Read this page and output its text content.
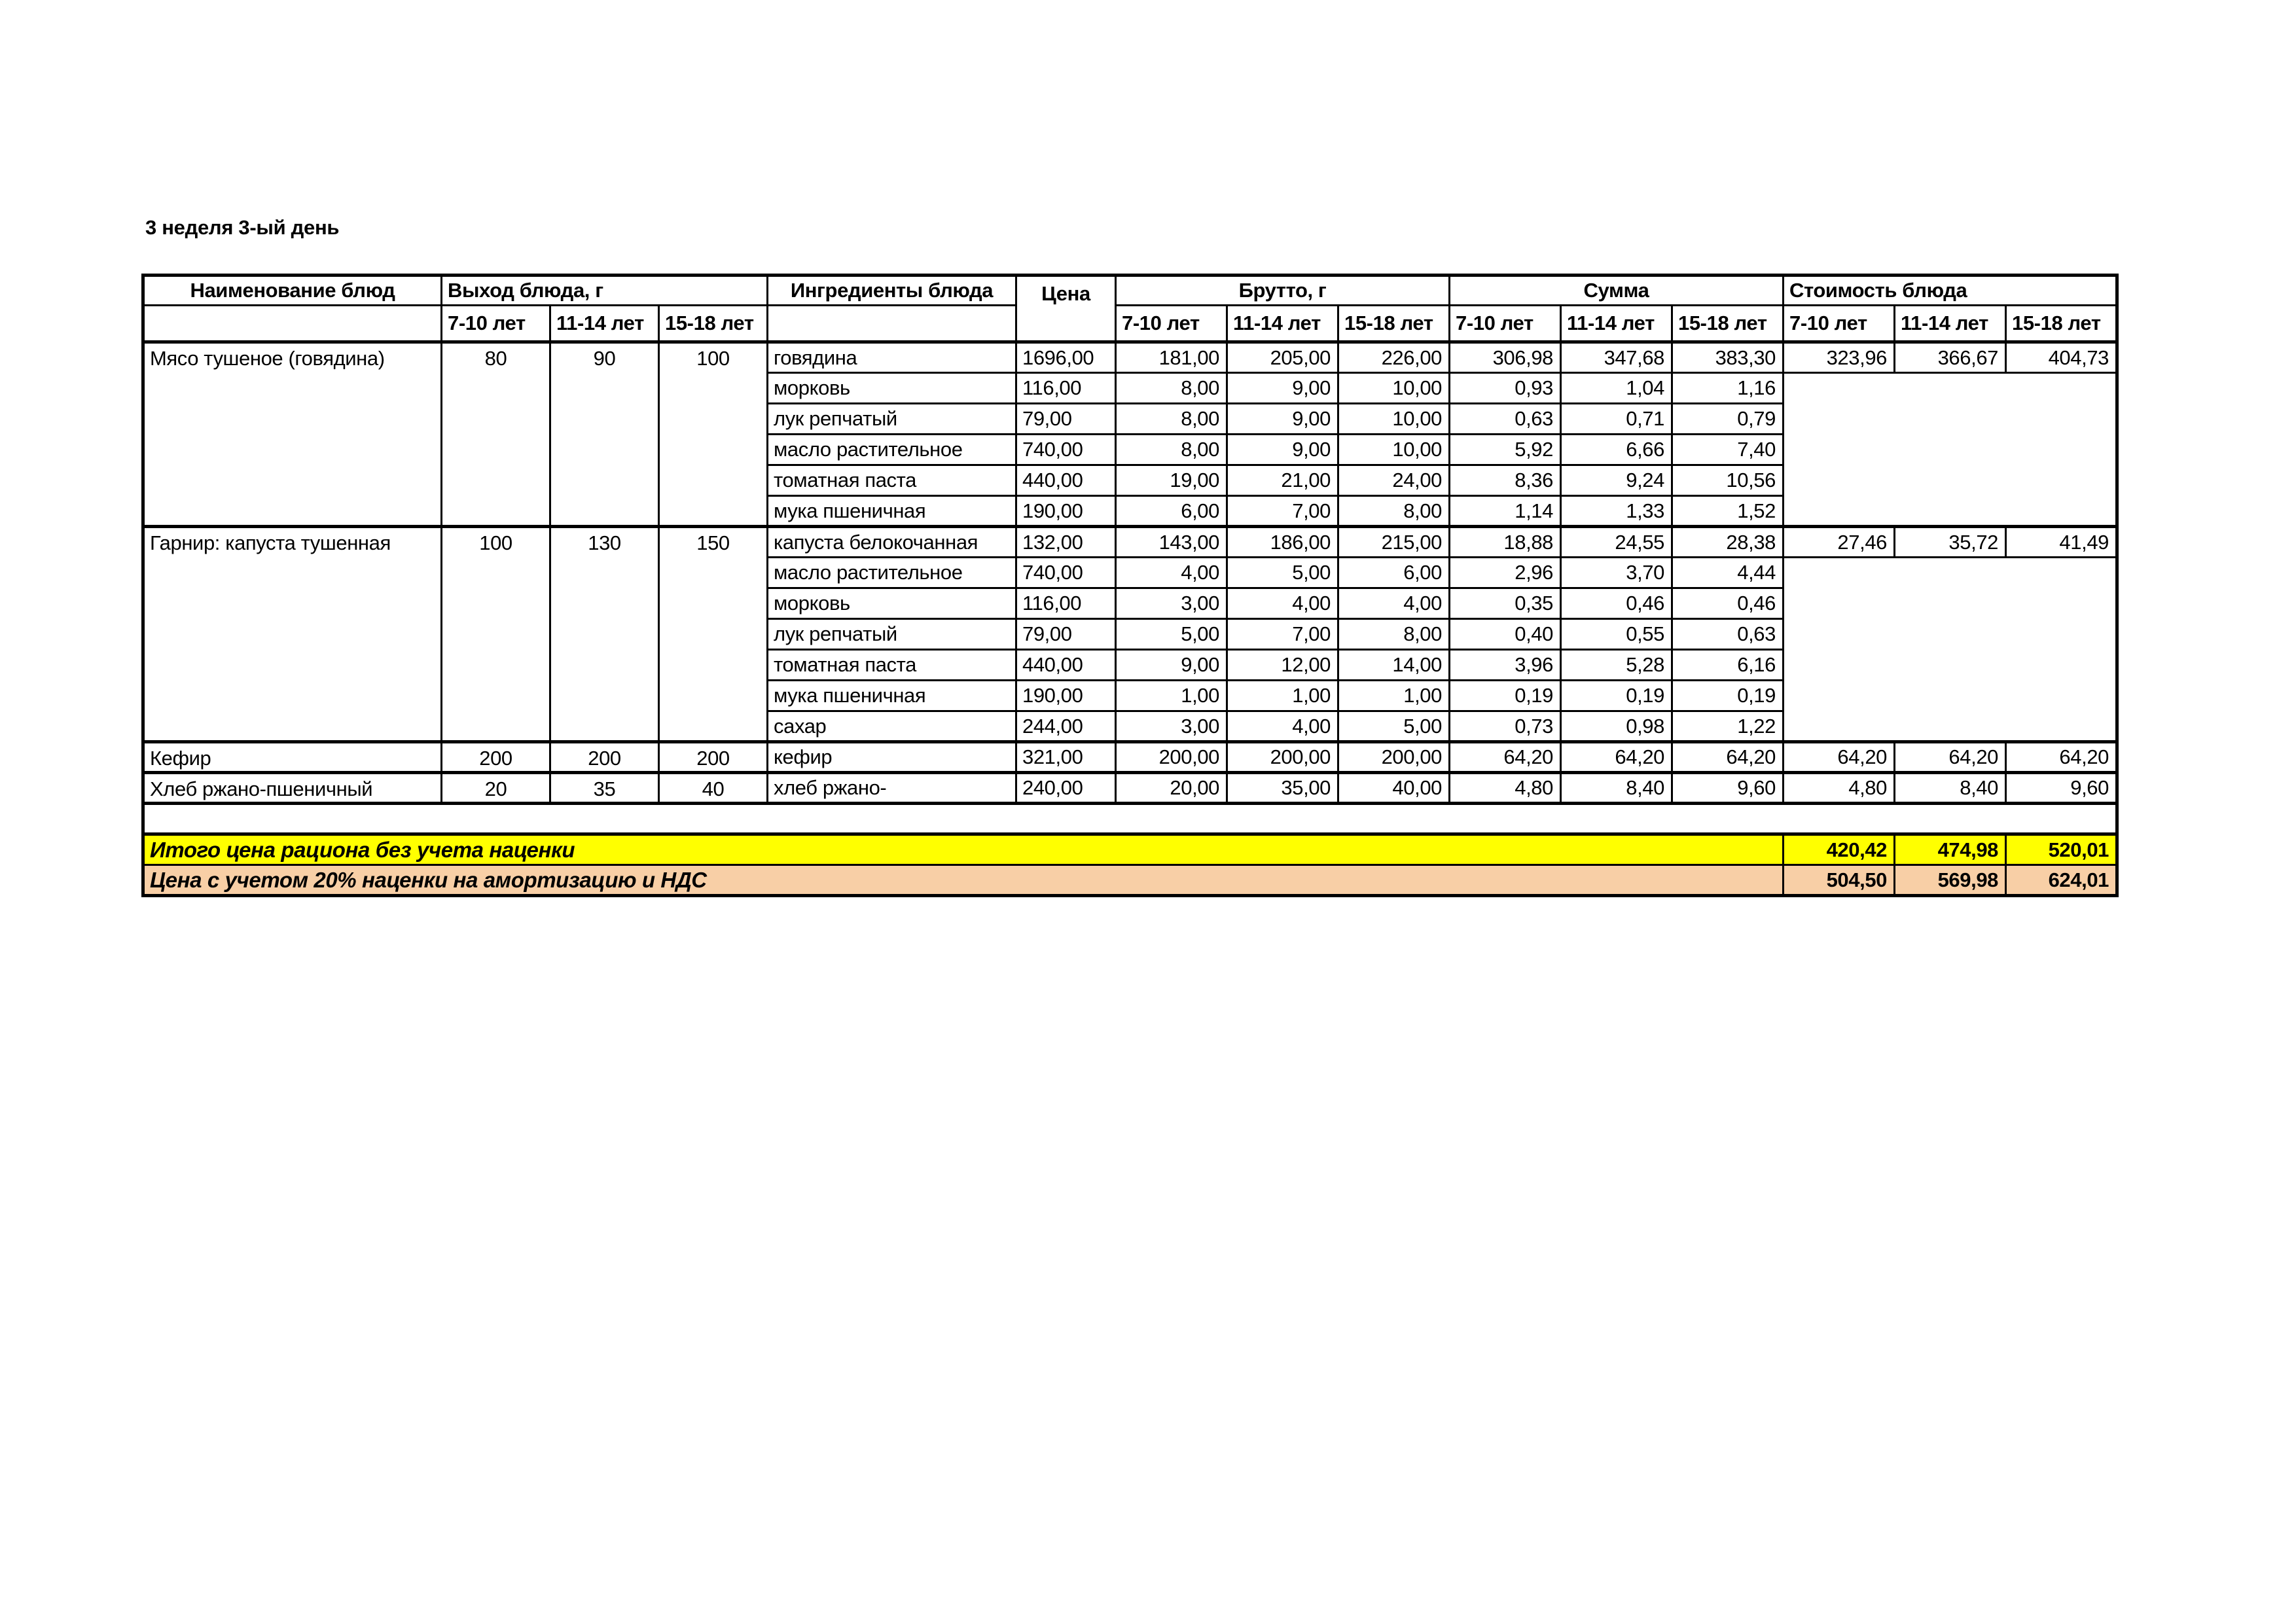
3 неделя 3-ый день
Наименование блюд	Выход блюда, г			Ингредиенты блюда	Цена	Брутто, г			Сумма			Стоимость блюда		
	7-10 лет	11-14 лет	15-18 лет			7-10 лет	11-14 лет	15-18 лет	7-10 лет	11-14 лет	15-18 лет	7-10 лет	11-14 лет	15-18 лет
Мясо тушеное (говядина)	80	90	100	говядина	1696,00	181,00	205,00	226,00	306,98	347,68	383,30	323,96	366,67	404,73
				морковь	116,00	8,00	9,00	10,00	0,93	1,04	1,16			
				лук репчатый	79,00	8,00	9,00	10,00	0,63	0,71	0,79			
				масло растительное	740,00	8,00	9,00	10,00	5,92	6,66	7,40			
				томатная паста	440,00	19,00	21,00	24,00	8,36	9,24	10,56			
				мука пшеничная	190,00	6,00	7,00	8,00	1,14	1,33	1,52			
Гарнир: капуста тушенная	100	130	150	капуста белокочанная	132,00	143,00	186,00	215,00	18,88	24,55	28,38	27,46	35,72	41,49
				масло растительное	740,00	4,00	5,00	6,00	2,96	3,70	4,44			
				морковь	116,00	3,00	4,00	4,00	0,35	0,46	0,46			
				лук репчатый	79,00	5,00	7,00	8,00	0,40	0,55	0,63			
				томатная паста	440,00	9,00	12,00	14,00	3,96	5,28	6,16			
				мука пшеничная	190,00	1,00	1,00	1,00	0,19	0,19	0,19			
				сахар	244,00	3,00	4,00	5,00	0,73	0,98	1,22			
Кефир	200	200	200	кефир	321,00	200,00	200,00	200,00	64,20	64,20	64,20	64,20	64,20	64,20
Хлеб ржано-пшеничный	20	35	40	хлеб ржано-	240,00	20,00	35,00	40,00	4,80	8,40	9,60	4,80	8,40	9,60

Итого цена рациона без учета наценки												420,42	474,98	520,01
Цена с учетом 20% наценки на амортизацию и НДС												504,50	569,98	624,01
